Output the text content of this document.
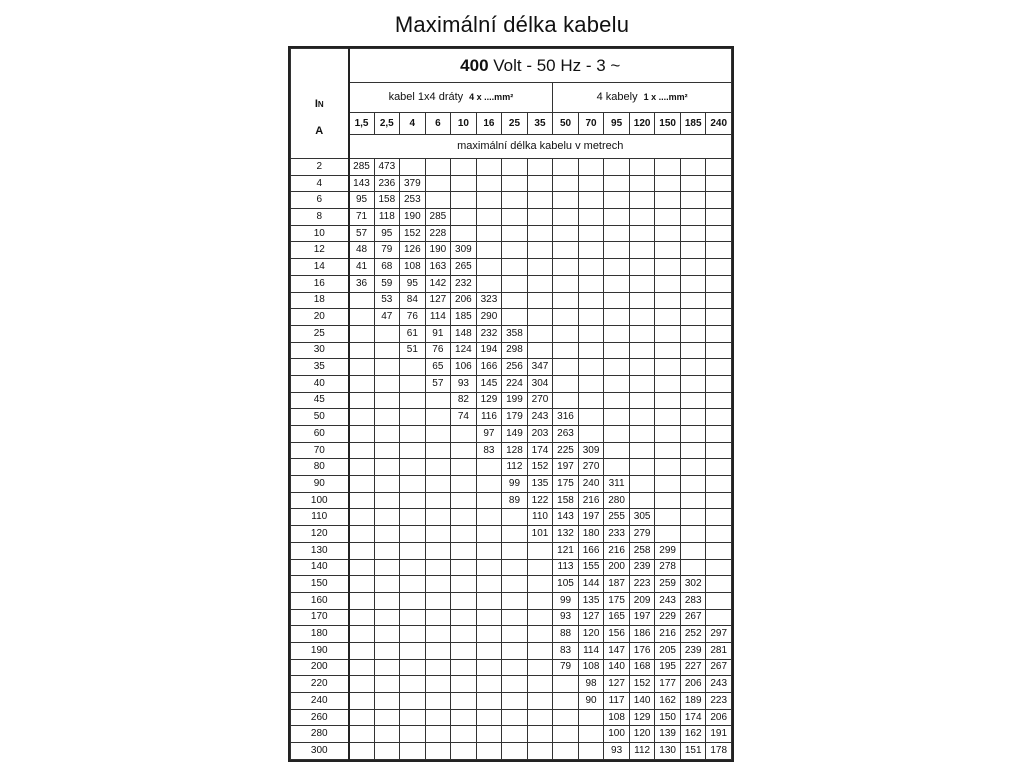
Maximální délka kabelu
IN
A	400 Volt - 50 Hz - 3 ~														
	kabel 1x4 dráty 4 x ....mm²								4 kabely 1 x ....mm²						
	1,5	2,5	4	6	10	16	25	35	50	70	95	120	150	185	240
	maximální délka kabelu v metrech														
2	285	473													
4	143	236	379												
6	95	158	253												
8	71	118	190	285											
10	57	95	152	228											
12	48	79	126	190	309										
14	41	68	108	163	265										
16	36	59	95	142	232										
18		53	84	127	206	323									
20		47	76	114	185	290									
25			61	91	148	232	358								
30			51	76	124	194	298								
35				65	106	166	256	347							
40				57	93	145	224	304							
45					82	129	199	270							
50					74	116	179	243	316						
60						97	149	203	263						
70						83	128	174	225	309					
80							112	152	197	270					
90							99	135	175	240	311				
100							89	122	158	216	280				
110								110	143	197	255	305			
120								101	132	180	233	279			
130									121	166	216	258	299		
140									113	155	200	239	278		
150									105	144	187	223	259	302	
160									99	135	175	209	243	283	
170									93	127	165	197	229	267	
180									88	120	156	186	216	252	297
190									83	114	147	176	205	239	281
200									79	108	140	168	195	227	267
220										98	127	152	177	206	243
240										90	117	140	162	189	223
260											108	129	150	174	206
280											100	120	139	162	191
300											93	112	130	151	178
